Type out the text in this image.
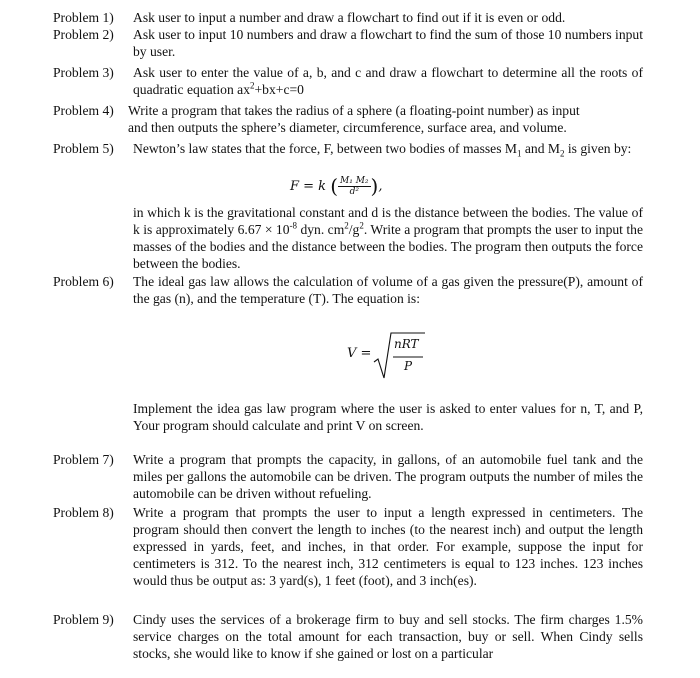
Problem 1)	Ask user to input a number and draw a flowchart to find out if it is even or odd.
Problem 2)	Ask user to input 10 numbers and draw a flowchart to find the sum of those 10 numbers input by user.
Problem 3)	Ask user to enter the value of a, b, and c and draw a flowchart to determine all the roots of quadratic equation $ax^2+bx+c=0$
Problem 4)	Write a program that takes the radius of a sphere (a floating-point number) as input
and then outputs the sphere’s diameter, circumference, surface area, and volume.
Problem 5)	Newton’s law states that the force, F, between two bodies of masses $M_1$ and $M_2$ is given by:
F = k ( $\frac{\text{M₁ M₂}}{\text{d²}}$ ),
in which k is the gravitational constant and d is the distance between the bodies. The value of k is approximately $6.67 \times 10^{-8}$ dyn. $cm^2/g^2$. Write a program that prompts the user to input the masses of the bodies and the distance between the bodies. The program then outputs the force between the bodies.
Problem 6)	The ideal gas law allows the calculation of volume of a gas given the pressure(P), amount of the gas (n), and the temperature (T). The equation is:
V =
nRT
P
Implement the idea gas law program where the user is asked to enter values for n, T, and P, Your program should calculate and print V on screen.
Problem 7)	Write a program that prompts the capacity, in gallons, of an automobile fuel tank and the miles per gallons the automobile can be driven. The program outputs the number of miles the automobile can be driven without refueling.
Problem 8)	Write a program that prompts the user to input a length expressed in centimeters. The program should then convert the length to inches (to the nearest inch) and output the length expressed in yards, feet, and inches, in that order. For example, suppose the input for centimeters is 312. To the nearest inch, 312 centimeters is equal to 123 inches. 123 inches would thus be output as: 3 yard(s), 1 feet (foot), and 3 inch(es).
Problem 9)	Cindy uses the services of a brokerage firm to buy and sell stocks. The firm charges 1.5% service charges on the total amount for each transaction, buy or sell. When Cindy sells stocks, she would like to know if she gained or lost on a particular
